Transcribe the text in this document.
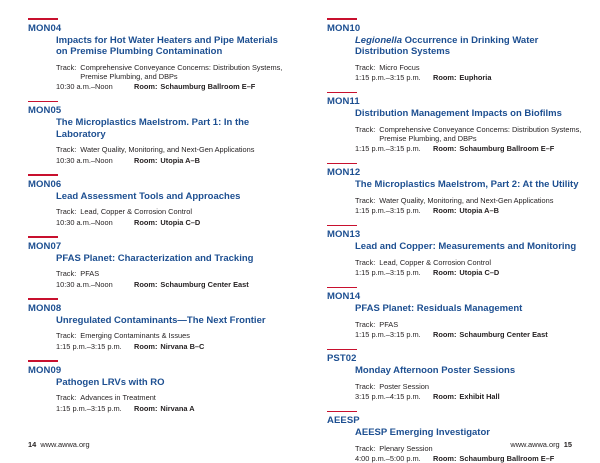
MON04
Impacts for Hot Water Heaters and Pipe Materials on Premise Plumbing Contamination
Track: Comprehensive Conveyance Concerns: Distribution Systems, Premise Plumbing, and DBPs
10:30 a.m.–Noon	Room: Schaumburg Ballroom E–F
MON05
The Microplastics Maelstrom. Part 1: In the Laboratory
Track: Water Quality, Monitoring, and Next-Gen Applications
10:30 a.m.–Noon	Room: Utopia A–B
MON06
Lead Assessment Tools and Approaches
Track: Lead, Copper & Corrosion Control
10:30 a.m.–Noon	Room: Utopia C–D
MON07
PFAS Planet: Characterization and Tracking
Track: PFAS
10:30 a.m.–Noon	Room: Schaumburg Center East
MON08
Unregulated Contaminants—The Next Frontier
Track: Emerging Contaminants & Issues
1:15 p.m.–3:15 p.m.	Room: Nirvana B–C
MON09
Pathogen LRVs with RO
Track: Advances in Treatment
1:15 p.m.–3:15 p.m.	Room: Nirvana A
MON10
Legionella Occurrence in Drinking Water Distribution Systems
Track: Micro Focus
1:15 p.m.–3:15 p.m.	Room: Euphoria
MON11
Distribution Management Impacts on Biofilms
Track: Comprehensive Conveyance Concerns: Distribution Systems, Premise Plumbing, and DBPs
1:15 p.m.–3:15 p.m.	Room: Schaumburg Ballroom E–F
MON12
The Microplastics Maelstrom, Part 2: At the Utility
Track: Water Quality, Monitoring, and Next-Gen Applications
1:15 p.m.–3:15 p.m.	Room: Utopia A–B
MON13
Lead and Copper: Measurements and Monitoring
Track: Lead, Copper & Corrosion Control
1:15 p.m.–3:15 p.m.	Room: Utopia C–D
MON14
PFAS Planet: Residuals Management
Track: PFAS
1:15 p.m.–3:15 p.m.	Room: Schaumburg Center East
PST02
Monday Afternoon Poster Sessions
Track: Poster Session
3:15 p.m.–4:15 p.m.	Room: Exhibit Hall
AEESP
AEESP Emerging Investigator
Track: Plenary Session
4:00 p.m.–5:00 p.m.	Room: Schaumburg Ballroom E–F
14 www.awwa.org	www.awwa.org 15
